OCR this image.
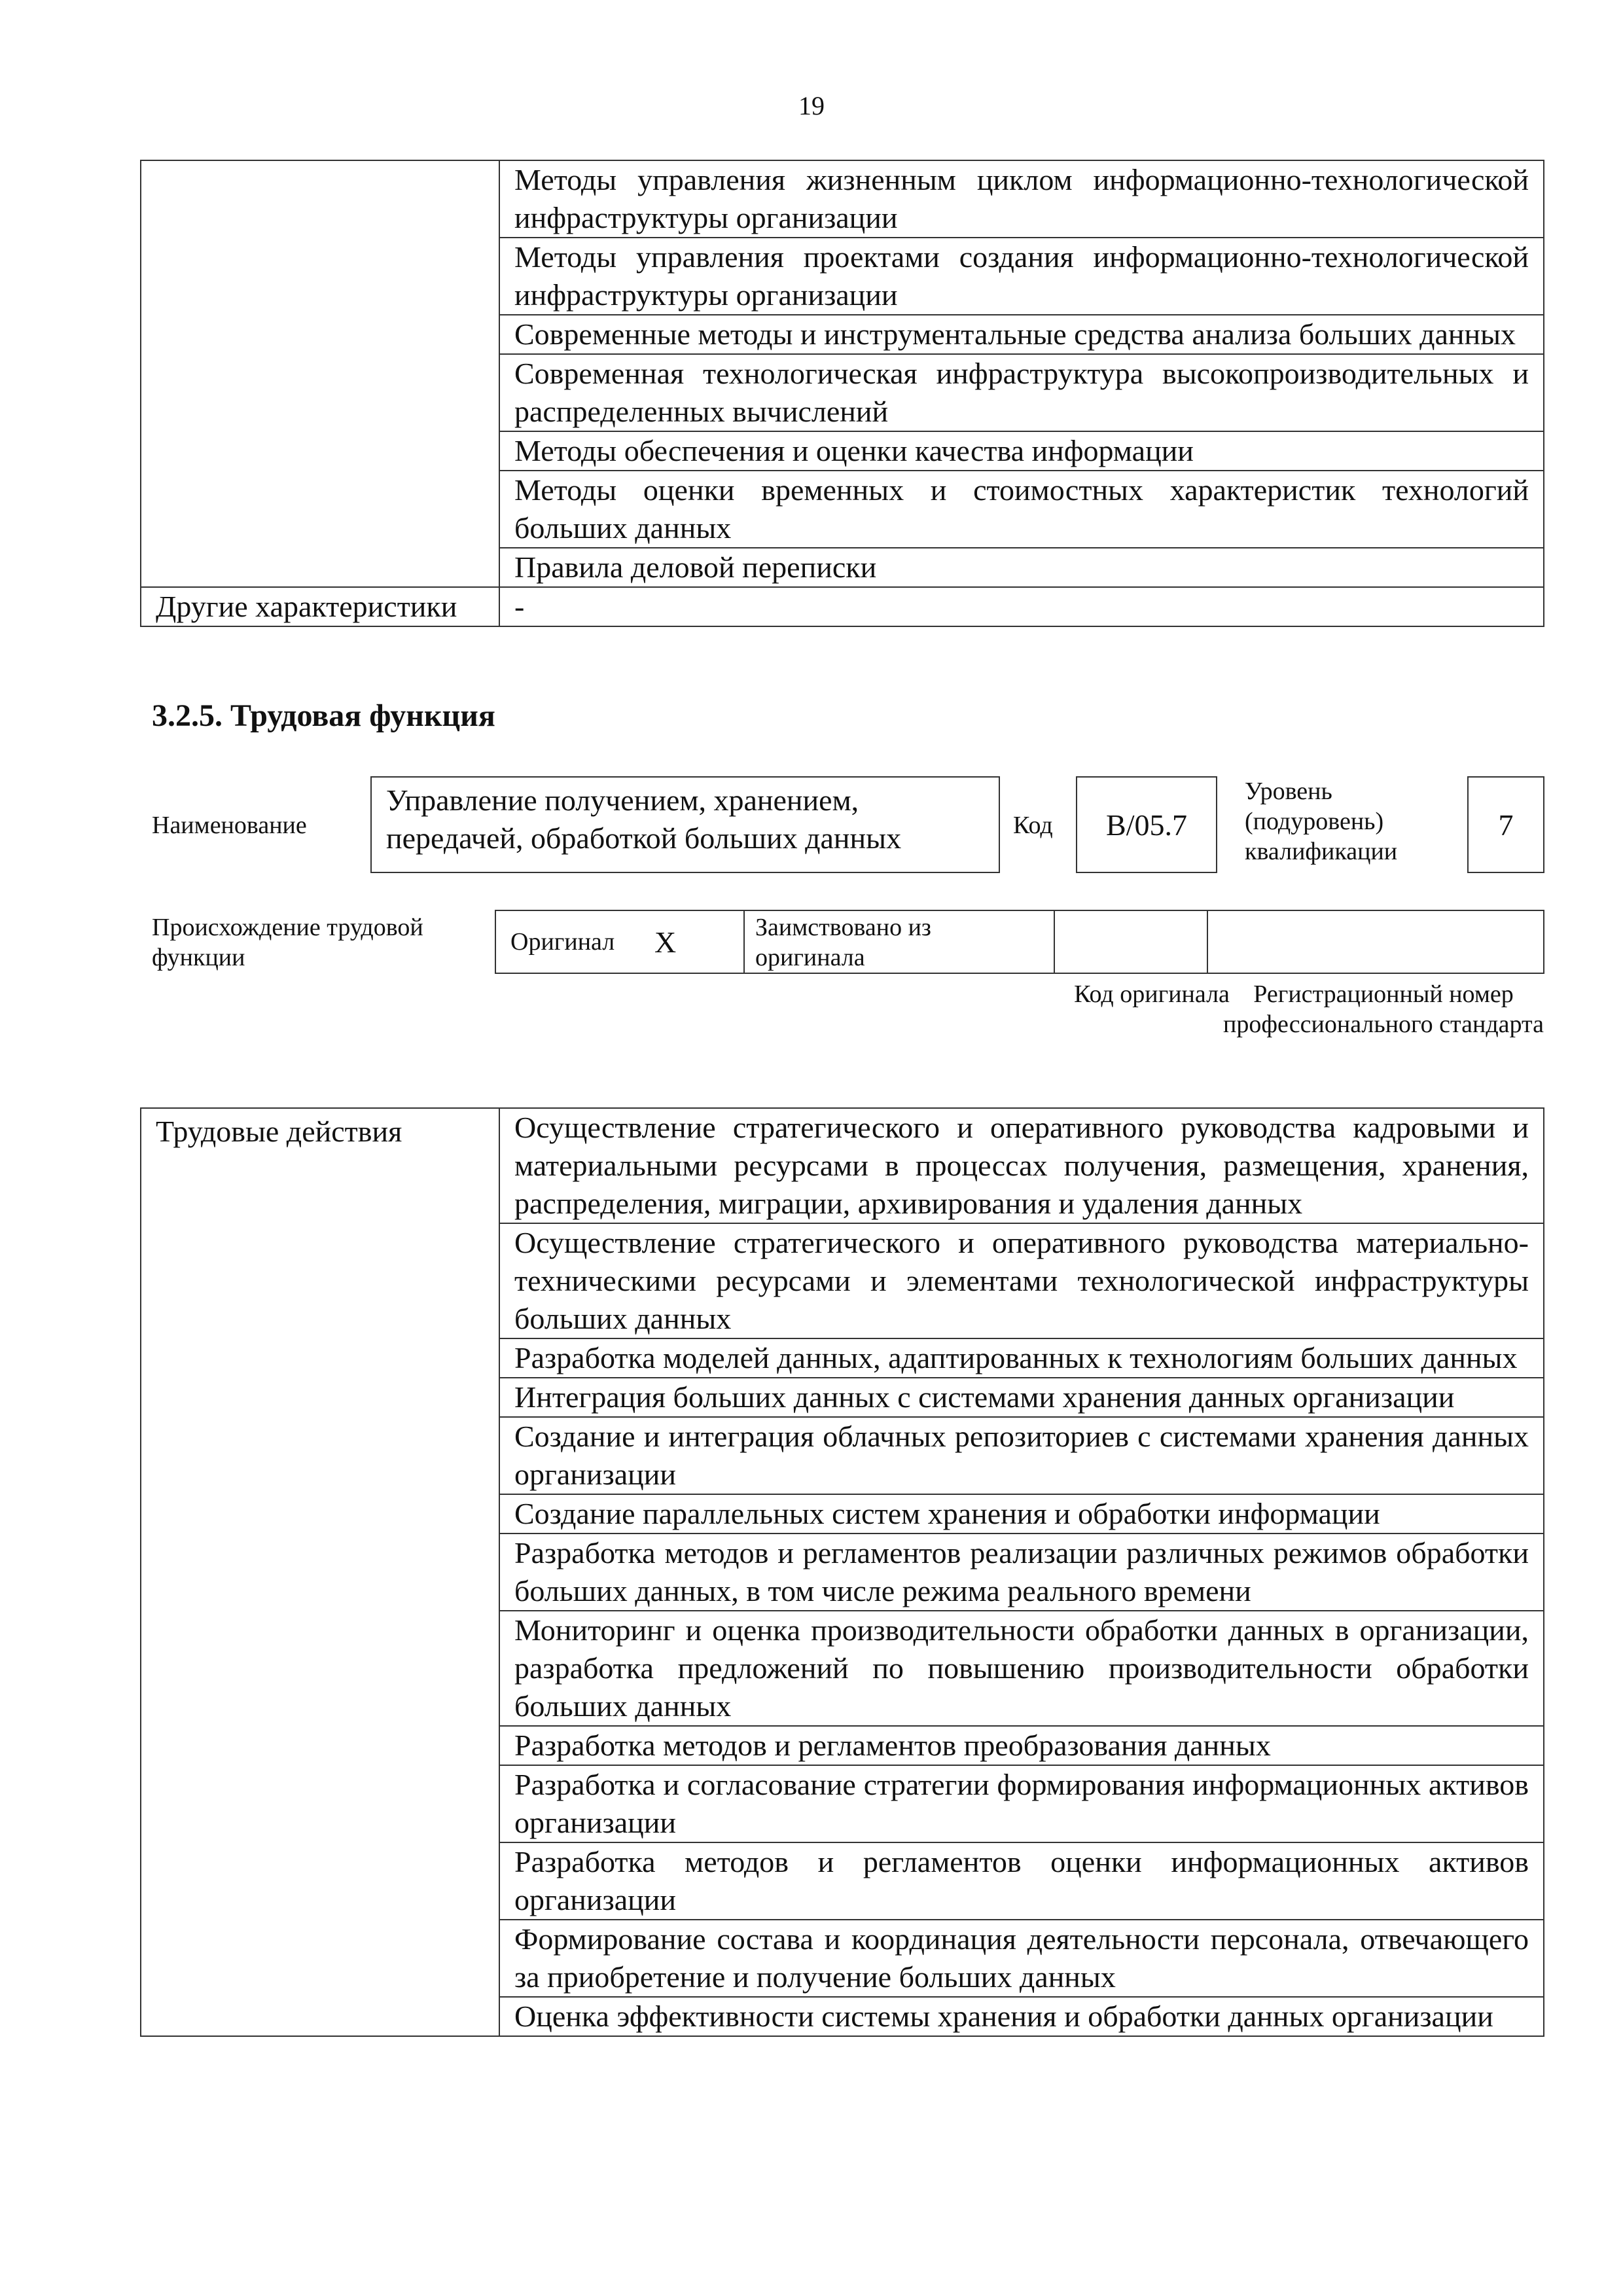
19
	Методы управления жизненным циклом информационно-технологической инфраструктуры организации
	Методы управления проектами создания информационно-технологической инфраструктуры организации
	Современные методы и инструментальные средства анализа больших данных
	Современная технологическая инфраструктура высокопроизводительных и распределенных вычислений
	Методы обеспечения и оценки качества информации
	Методы оценки временных и стоимостных характеристик технологий больших данных
	Правила деловой переписки
Другие характеристики	-
3.2.5. Трудовая функция
Наименование
Управление получением, хранением, передачей, обработкой больших данных	Код	B/05.7
Уровень (подуровень) квалификации
7
Происхождение трудовой функции
Оригинал	X	Заимствовано из оригинала
Код оригинала Регистрационный номер профессионального стандарта
Трудовые действия	Осуществление стратегического и оперативного руководства кадровыми и материальными ресурсами в процессах получения, размещения, хранения, распределения, миграции, архивирования и удаления данных
Осуществление стратегического и оперативного руководства материально-техническими ресурсами и элементами технологической инфраструктуры больших данных
Разработка моделей данных, адаптированных к технологиям больших данных
Интеграция больших данных с системами хранения данных организации
Создание и интеграция облачных репозиториев с системами хранения данных организации
Создание параллельных систем хранения и обработки информации
Разработка методов и регламентов реализации различных режимов обработки больших данных, в том числе режима реального времени
Мониторинг и оценка производительности обработки данных в организации, разработка предложений по повышению производительности обработки больших данных
Разработка методов и регламентов преобразования данных
Разработка и согласование стратегии формирования информационных активов организации
Разработка методов и регламентов оценки информационных активов организации
Формирование состава и координация деятельности персонала, отвечающего за приобретение и получение больших данных
Оценка эффективности системы хранения и обработки данных организации
